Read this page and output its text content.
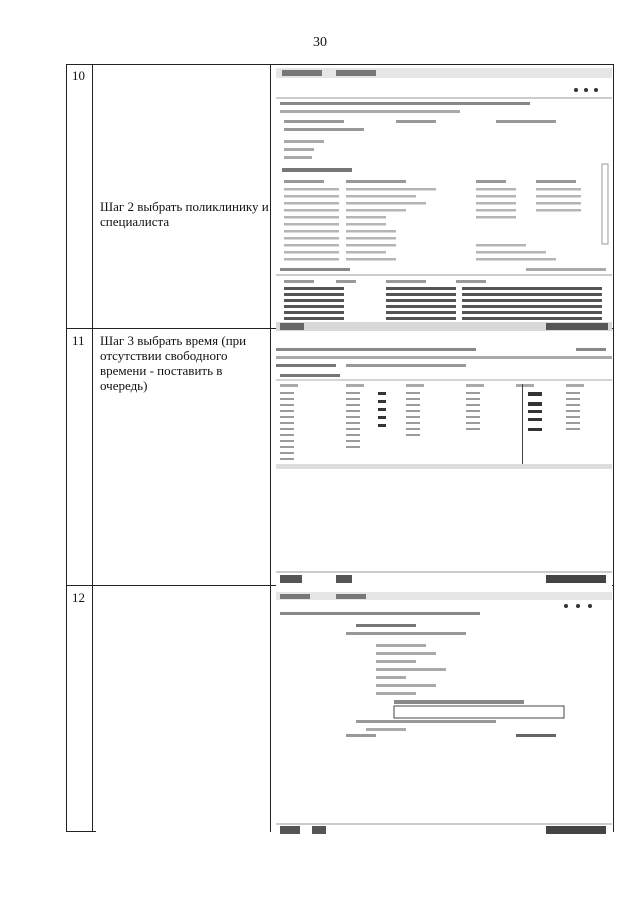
30
10
11
12
Шаг 2 выбрать поликлинику и специалиста
Шаг 3 выбрать время (при отсутствии свободного времени - поставить в очередь)
